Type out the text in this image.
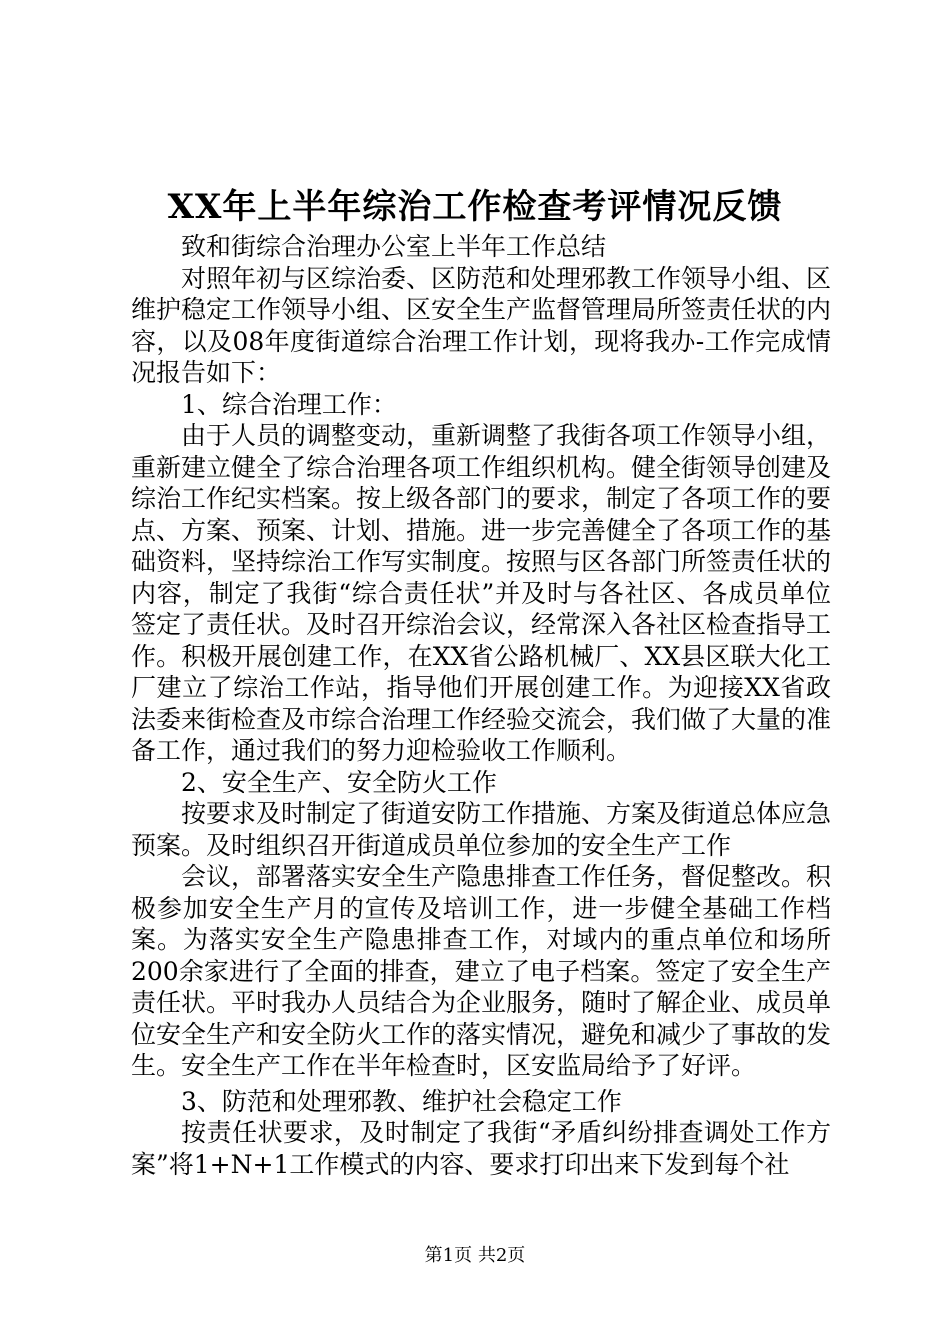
XX年上半年综治工作检查考评情况反馈

致和街综合治理办公室上半年工作总结

对照年初与区综治委、区防范和处理邪教工作领导小组、区维护稳定工作领导小组、区安全生产监督管理局所签责任状的内容，以及08年度街道综合治理工作计划，现将我办-工作完成情况报告如下：

1、综合治理工作：

由于人员的调整变动，重新调整了我街各项工作领导小组，重新建立健全了综合治理各项工作组织机构。健全街领导创建及综治工作纪实档案。按上级各部门的要求，制定了各项工作的要点、方案、预案、计划、措施。进一步完善健全了各项工作的基础资料，坚持综治工作写实制度。按照与区各部门所签责任状的内容，制定了我街“综合责任状”并及时与各社区、各成员单位签定了责任状。及时召开综治会议，经常深入各社区检查指导工作。积极开展创建工作，在XX省公路机械厂、XX县区联大化工厂建立了综治工作站，指导他们开展创建工作。为迎接XX省政法委来街检查及市综合治理工作经验交流会，我们做了大量的准备工作，通过我们的努力迎检验收工作顺利。

2、安全生产、安全防火工作

按要求及时制定了街道安防工作措施、方案及街道总体应急预案。及时组织召开街道成员单位参加的安全生产工作

会议，部署落实安全生产隐患排查工作任务，督促整改。积极参加安全生产月的宣传及培训工作，进一步健全基础工作档案。为落实安全生产隐患排查工作，对域内的重点单位和场所200余家进行了全面的排查，建立了电子档案。签定了安全生产责任状。平时我办人员结合为企业服务，随时了解企业、成员单位安全生产和安全防火工作的落实情况，避免和减少了事故的发生。安全生产工作在半年检查时，区安监局给予了好评。

3、防范和处理邪教、维护社会稳定工作

按责任状要求，及时制定了我街“矛盾纠纷排查调处工作方案”将1+N+1工作模式的内容、要求打印出来下发到每个社

第1页 共2页
